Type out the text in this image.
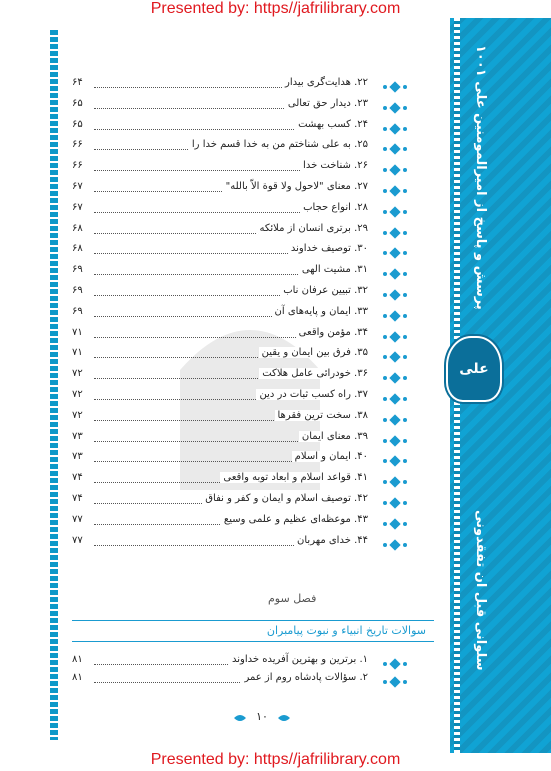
Presented by: https//jafrilibrary.com
۱۰۰۱ پرسش و پاسخ از امیرالمومنین علی
سلوانی قبل ان تفقدونی
علی
۲۲. هدایت‌گری بیدار
۶۴
۲۳. دیدار حق تعالی
۶۵
۲۴. کسب بهشت
۶۵
۲۵. به علی شناختم من به خدا قسم خدا را
۶۶
۲۶. شناخت خدا
۶۶
۲۷. معنای "لاحول ولا قوة الاّ بالله"
۶۷
۲۸. انواع حجاب
۶۷
۲۹. برتری انسان از ملائکه
۶۸
۳۰. توصیف خداوند
۶۸
۳۱. مشیت الهی
۶۹
۳۲. تبیین عرفان ناب
۶۹
۳۳. ایمان و پایه‌های آن
۶۹
۳۴. مؤمن واقعی
۷۱
۳۵. فرق بین ایمان و یقین
۷۱
۳۶. خودرائی عامل هلاکت
۷۲
۳۷. راه کسب ثبات در دین
۷۲
۳۸. سخت ترین فقرها
۷۲
۳۹. معنای ایمان
۷۳
۴۰. ایمان و اسلام
۷۳
۴۱. قواعد اسلام و ابعاد توبه واقعی
۷۴
۴۲. توصیف اسلام و ایمان و کفر و نفاق
۷۴
۴۳. موعظه‌ای عظیم و علمی وسیع
۷۷
۴۴. خدای مهربان
۷۷
فصل سوم
سوالات تاریخ انبیاء و نبوت پیامبران
۱. برترین و بهترین آفریده خداوند
۸۱
۲. سؤالات پادشاه روم از عمر
۸۱
۱۰
Presented by: https//jafrilibrary.com
